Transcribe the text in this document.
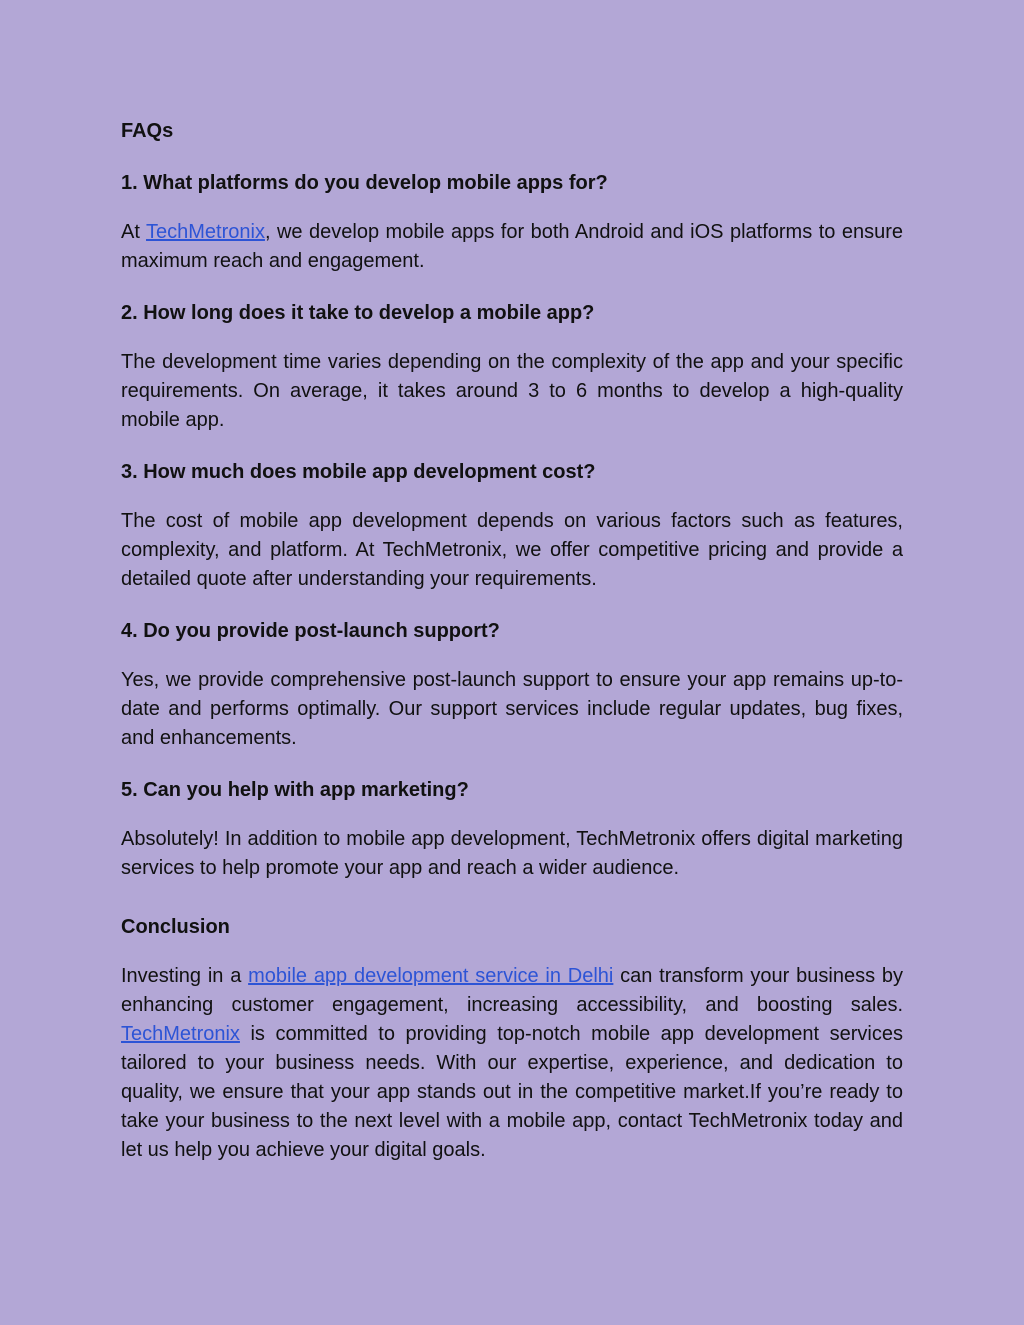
FAQs

1. What platforms do you develop mobile apps for?

At TechMetronix, we develop mobile apps for both Android and iOS platforms to ensure maximum reach and engagement.

2. How long does it take to develop a mobile app?

The development time varies depending on the complexity of the app and your specific requirements. On average, it takes around 3 to 6 months to develop a high-quality mobile app.

3. How much does mobile app development cost?

The cost of mobile app development depends on various factors such as features, complexity, and platform. At TechMetronix, we offer competitive pricing and provide a detailed quote after understanding your requirements.

4. Do you provide post-launch support?

Yes, we provide comprehensive post-launch support to ensure your app remains up-to-date and performs optimally. Our support services include regular updates, bug fixes, and enhancements.

5. Can you help with app marketing?

Absolutely! In addition to mobile app development, TechMetronix offers digital marketing services to help promote your app and reach a wider audience.

Conclusion

Investing in a mobile app development service in Delhi can transform your business by enhancing customer engagement, increasing accessibility, and boosting sales. TechMetronix is committed to providing top-notch mobile app development services tailored to your business needs. With our expertise, experience, and dedication to quality, we ensure that your app stands out in the competitive market.If you’re ready to take your business to the next level with a mobile app, contact TechMetronix today and let us help you achieve your digital goals.
